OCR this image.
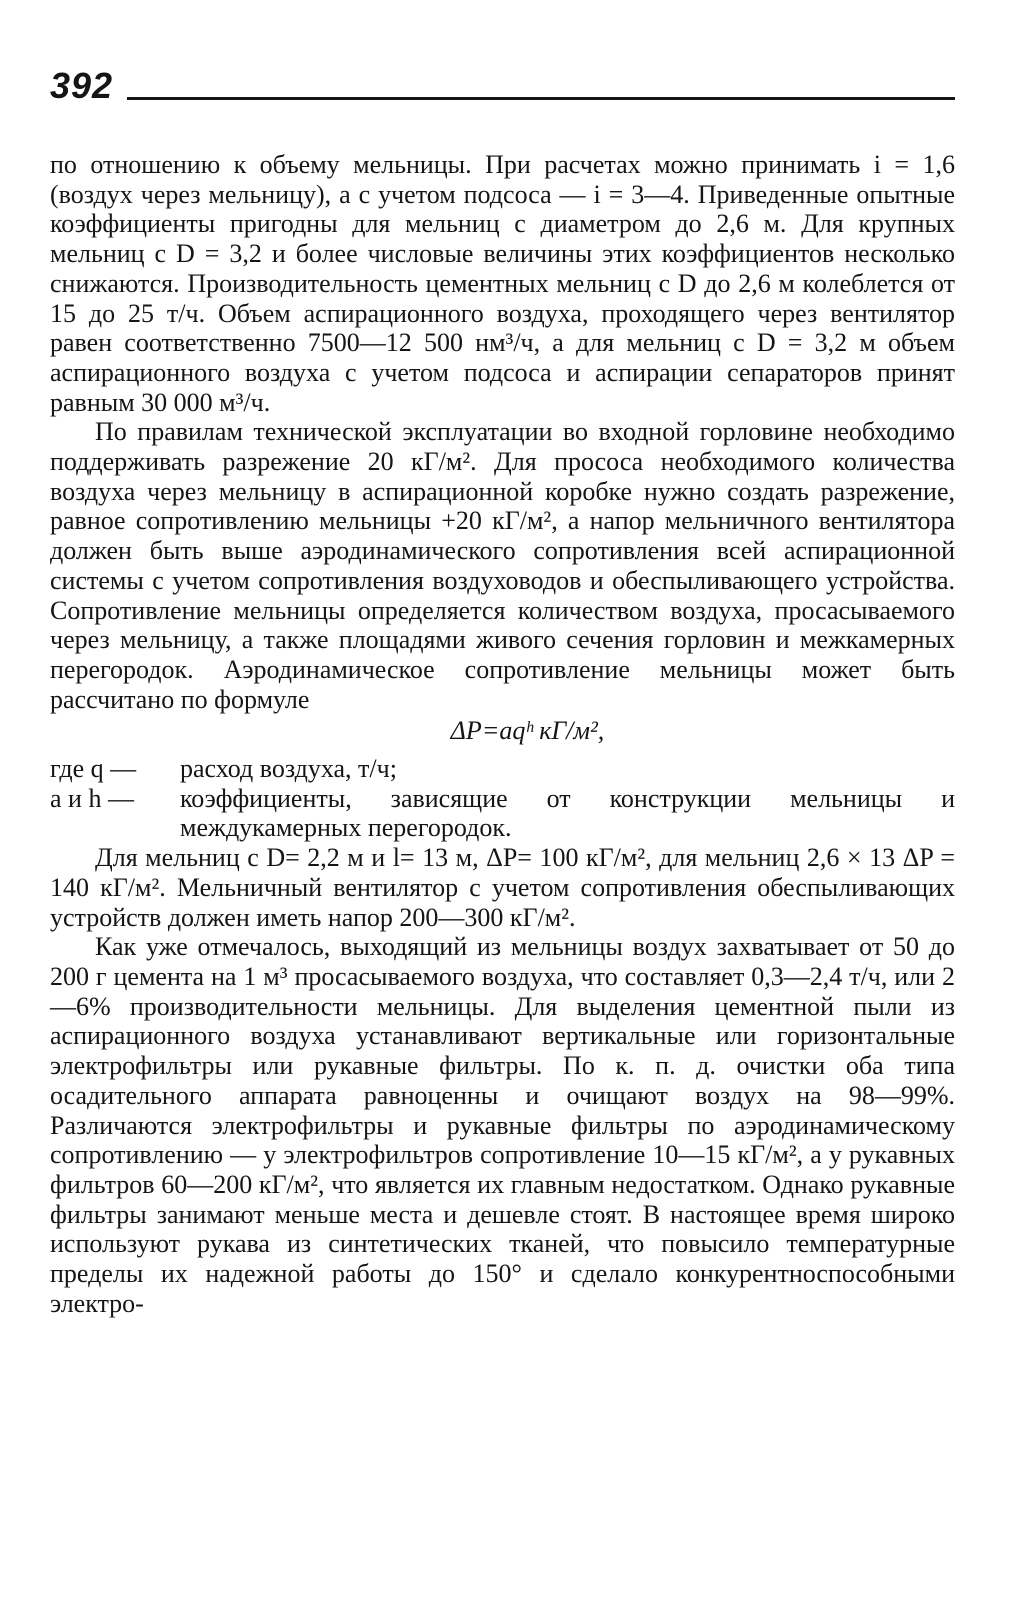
392

по отношению к объему мельницы. При расчетах можно принимать i = 1,6 (воздух через мельницу), а с учетом подсоса — i = 3—4. Приведенные опытные коэффициенты пригодны для мельниц с диаметром до 2,6 м. Для крупных мельниц с D = 3,2 и более числовые величины этих коэффициентов несколько снижаются. Производительность цементных мельниц с D до 2,6 м колеблется от 15 до 25 т/ч. Объем аспирационного воздуха, проходящего через вентилятор равен соответственно 7500—12 500 нм³/ч, а для мельниц с D = 3,2 м объем аспирационного воздуха с учетом подсоса и аспирации сепараторов принят равным 30 000 м³/ч.

По правилам технической эксплуатации во входной горловине необходимо поддерживать разрежение 20 кГ/м². Для прососа необходимого количества воздуха через мельницу в аспирационной коробке нужно создать разрежение, равное сопротивлению мельницы +20 кГ/м², а напор мельничного вентилятора должен быть выше аэродинамического сопротивления всей аспирационной системы с учетом сопротивления воздуховодов и обеспыливающего устройства. Сопротивление мельницы определяется количеством воздуха, просасываемого через мельницу, а также площадями живого сечения горловин и межкамерных перегородок. Аэродинамическое сопротивление мельницы может быть рассчитано по формуле

ΔP=aqʰ кГ/м²,
где q —	расход воздуха, т/ч;
a и h —	коэффициенты, зависящие от конструкции мельницы и междукамерных перегородок.

Для мельниц с D= 2,2 м и l= 13 м, ΔP= 100 кГ/м², для мельниц 2,6 × 13 ΔP = 140 кГ/м². Мельничный вентилятор с учетом сопротивления обеспыливающих устройств должен иметь напор 200—300 кГ/м².

Как уже отмечалось, выходящий из мельницы воздух захватывает от 50 до 200 г цемента на 1 м³ просасываемого воздуха, что составляет 0,3—2,4 т/ч, или 2—6% производительности мельницы. Для выделения цементной пыли из аспирационного воздуха устанавливают вертикальные или горизонтальные электрофильтры или рукавные фильтры. По к. п. д. очистки оба типа осадительного аппарата равноценны и очищают воздух на 98—99%. Различаются электрофильтры и рукавные фильтры по аэродинамическому сопротивлению — у электрофильтров сопротивление 10—15 кГ/м², а у рукавных фильтров 60—200 кГ/м², что является их главным недостатком. Однако рукавные фильтры занимают меньше места и дешевле стоят. В настоящее время широко используют рукава из синтетических тканей, что повысило температурные пределы их надежной работы до 150° и сделало конкурентноспособными электро-
